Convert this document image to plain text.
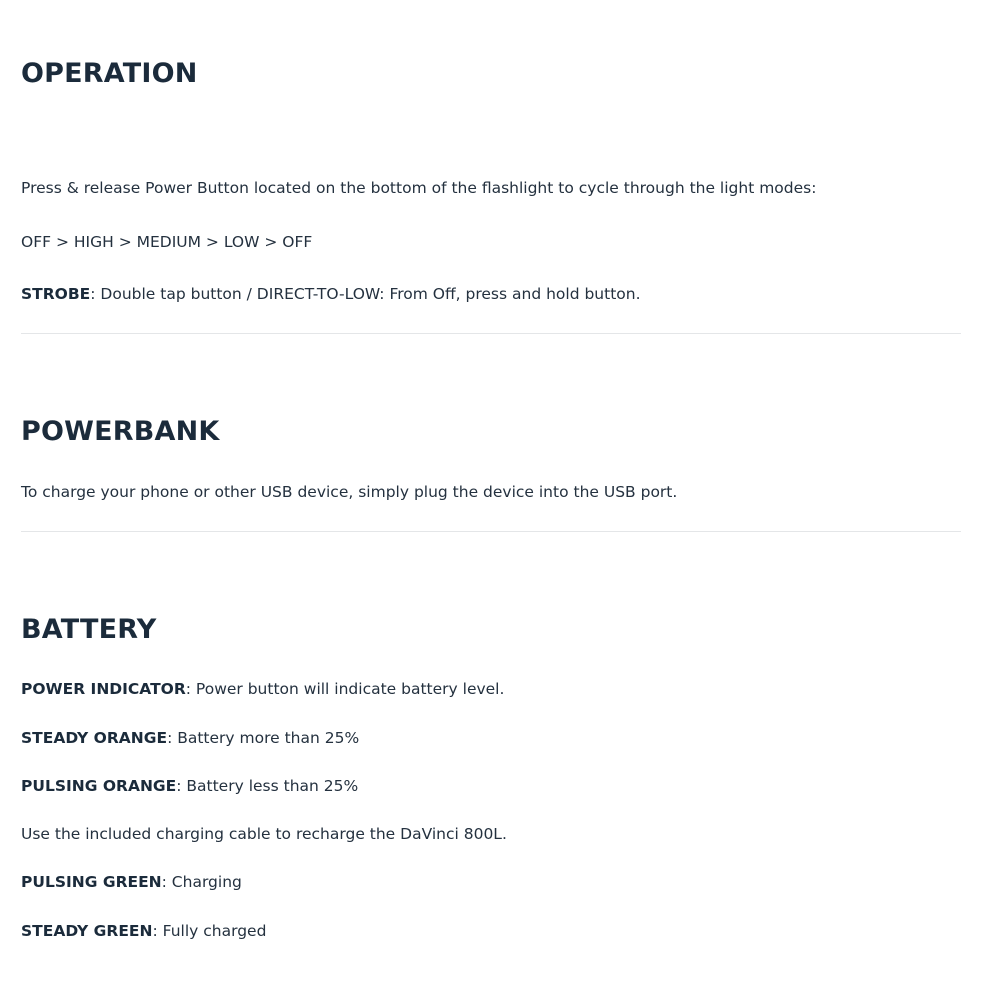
OPERATION

Press & release Power Button located on the bottom of the flashlight to cycle through the light modes:

OFF > HIGH > MEDIUM > LOW > OFF

STROBE: Double tap button / DIRECT-TO-LOW: From Off, press and hold button.

POWERBANK

To charge your phone or other USB device, simply plug the device into the USB port.

BATTERY

POWER INDICATOR: Power button will indicate battery level.

STEADY ORANGE: Battery more than 25%

PULSING ORANGE: Battery less than 25%

Use the included charging cable to recharge the DaVinci 800L.

PULSING GREEN: Charging

STEADY GREEN: Fully charged
